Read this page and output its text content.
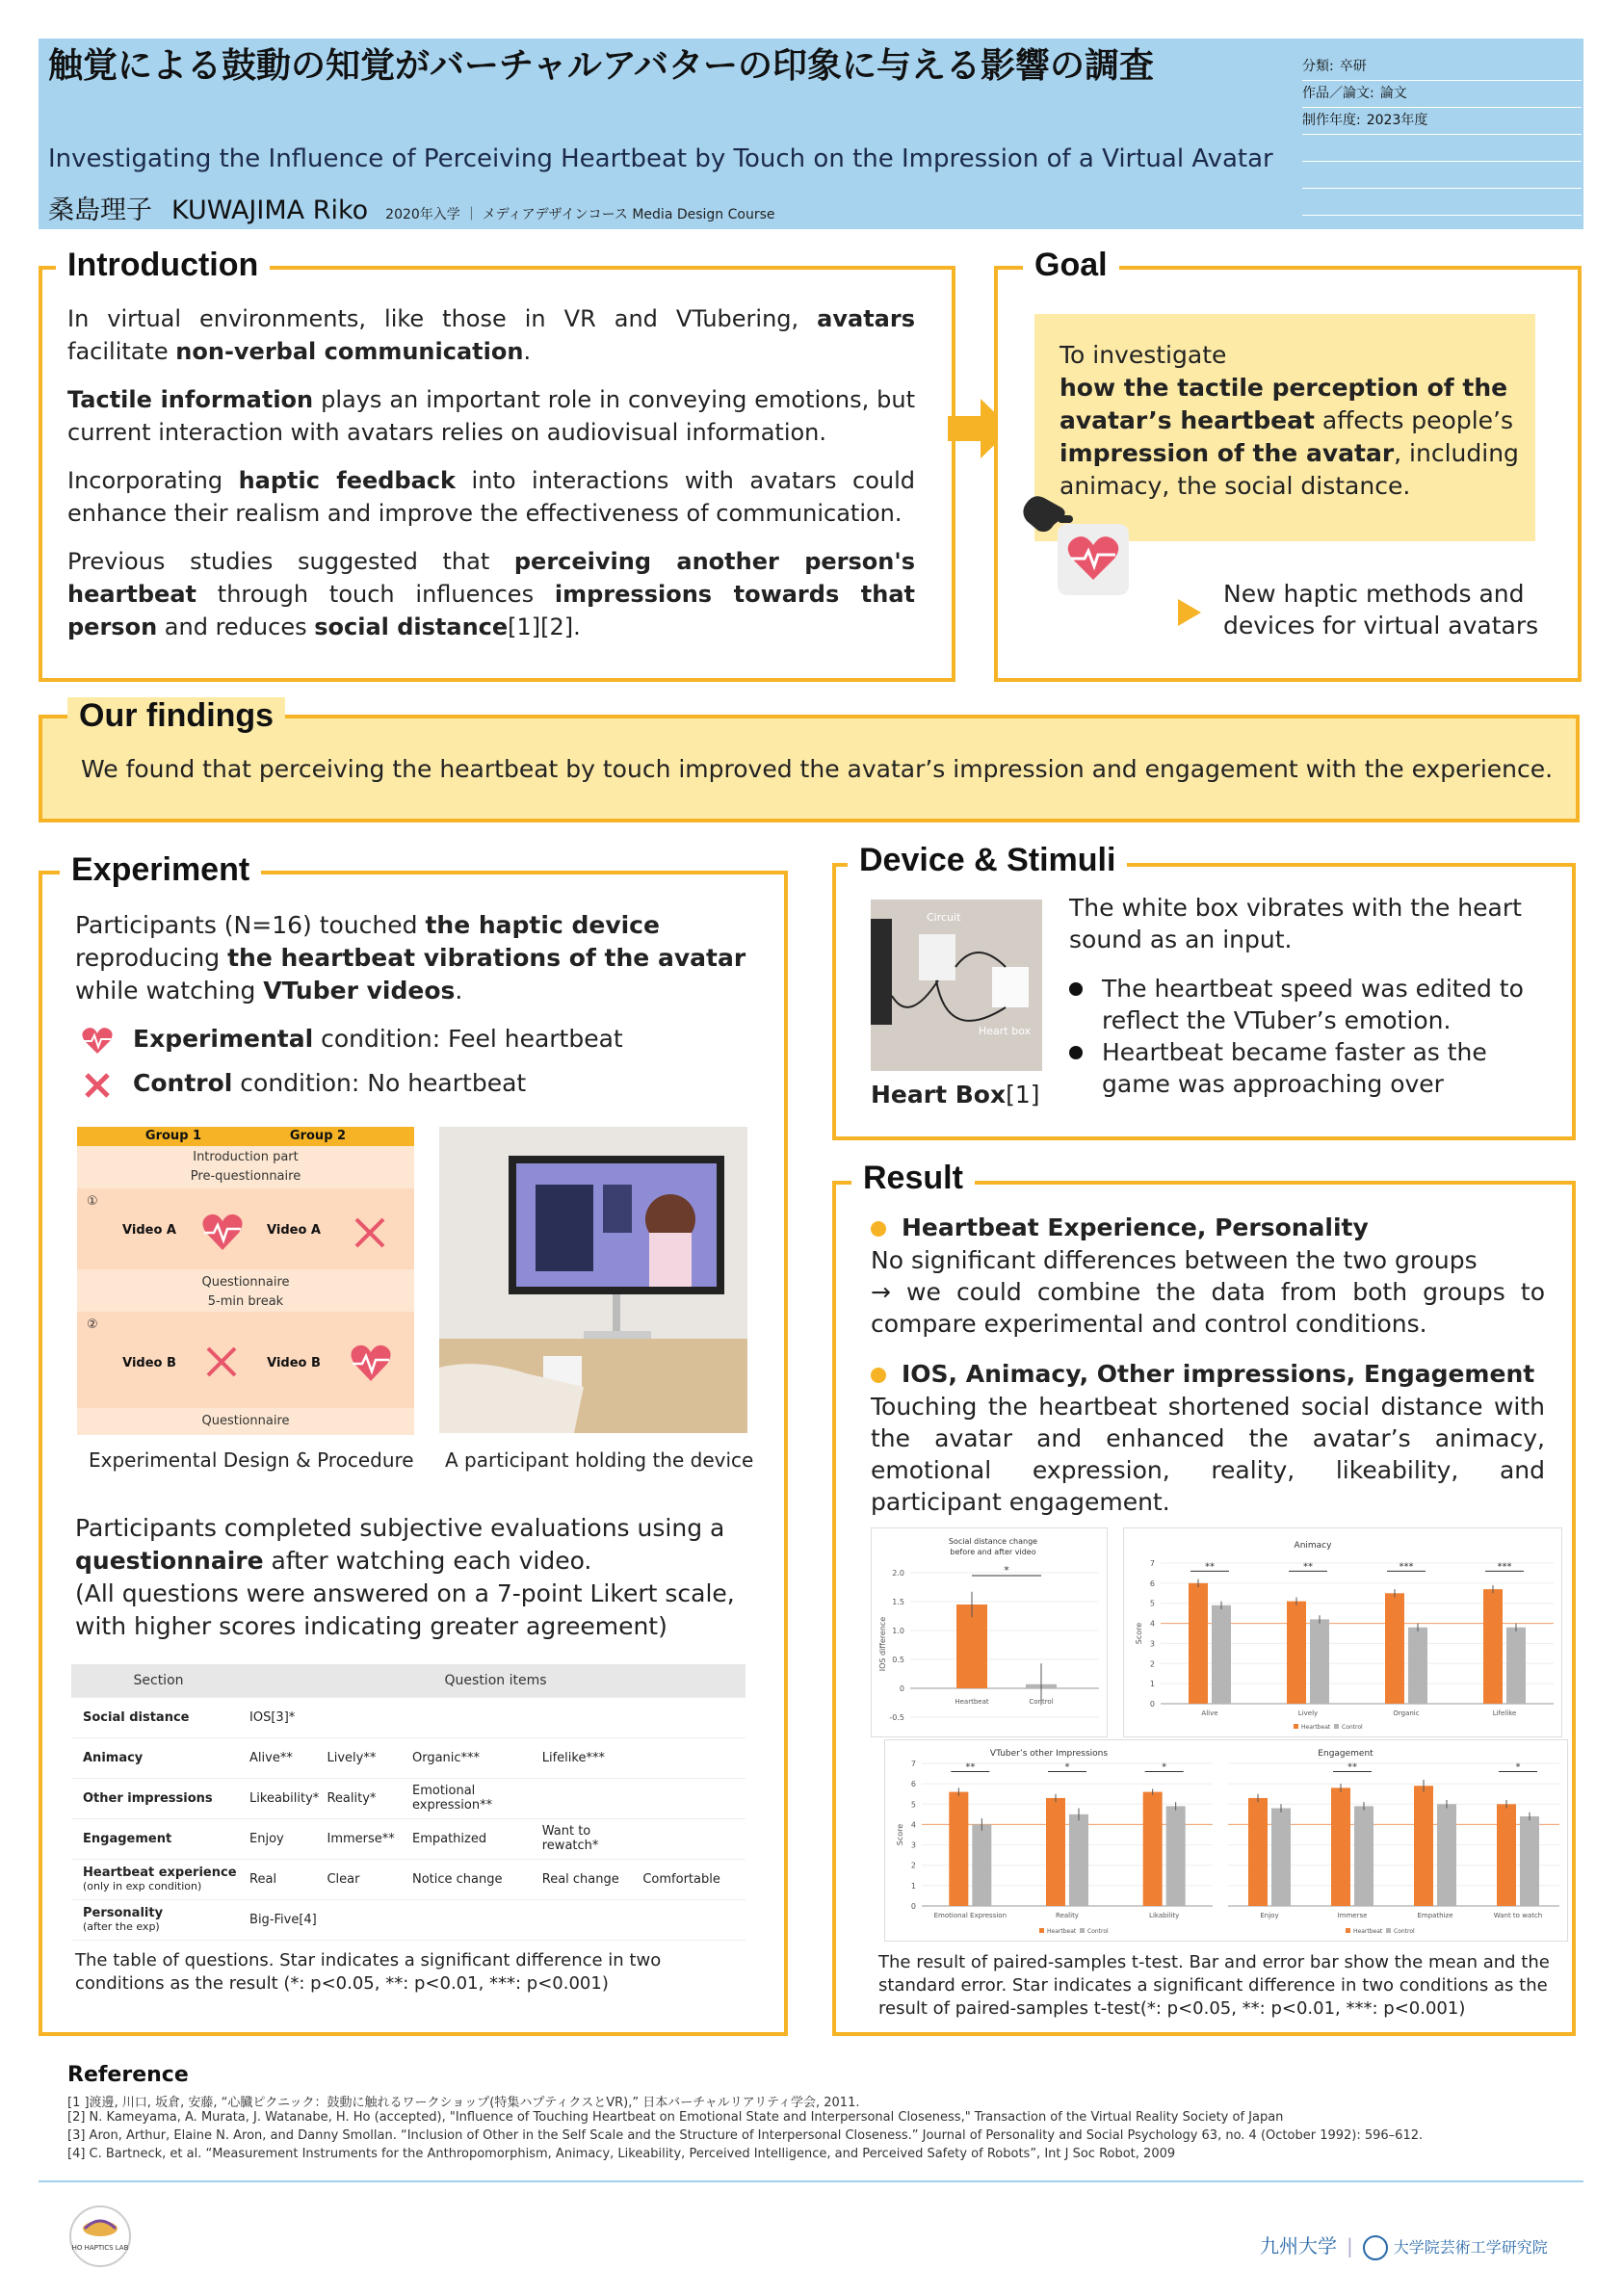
触覚による鼓動の知覚がバーチャルアバターの印象に与える影響の調査
Investigating the Influence of Perceiving Heartbeat by Touch on the Impression of a Virtual Avatar
桑島理子 KUWAJIMA Riko 2020年入学 ｜ メディアデザインコース Media Design Course
分類: 卒研
作品／論文: 論文
制作年度: 2023年度
Introduction

In virtual environments, like those in VR and VTubering, avatars facilitate non-verbal communication.

Tactile information plays an important role in conveying emotions, but current interaction with avatars relies on audiovisual information.

Incorporating haptic feedback into interactions with avatars could enhance their realism and improve the effectiveness of communication.

Previous studies suggested that perceiving another person's heartbeat through touch influences impressions towards that person and reduces social distance[1][2].

Goal
To investigate
how the tactile perception of the avatar’s heartbeat affects people’s impression of the avatar, including animacy, the social distance.
New haptic methods and devices for virtual avatars
Our findings
We found that perceiving the heartbeat by touch improved the avatar’s impression and engagement with the experience.
Experiment
Participants (N=16) touched the haptic device reproducing the heartbeat vibrations of the avatar while watching VTuber videos.
Experimental condition: Feel heartbeat
Control condition: No heartbeat
Group 1	Group 2
Introduction part
Pre-questionnaire
①
Video A	Video A
Questionnaire
5-min break
②
Video B	Video B
Questionnaire
Experimental Design & Procedure A participant holding the device
Participants completed subjective evaluations using a questionnaire after watching each video.
(All questions were answered on a 7-point Likert scale, with higher scores indicating greater agreement)
Section	Question items				
Social distance	IOS[3]*				
Animacy	Alive**	Lively**	Organic***	Lifelike***	
Other impressions	Likeability*	Reality*	Emotional expression**		
Engagement	Enjoy	Immerse**	Empathized	Want to rewatch*	
Heartbeat experience
(only in exp condition)	Real	Clear	Notice change	Real change	Comfortable
Personality
(after the exp)	Big-Five[4]				
The table of questions. Star indicates a significant difference in two conditions as the result (*: p<0.05, **: p<0.01, ***: p<0.001)
Device & Stimuli
Circuit
Heart box
Heart Box[1]
The white box vibrates with the heart sound as an input.
The heartbeat speed was edited to reflect the VTuber’s emotion.
Heartbeat became faster as the game was approaching over
Result
Heartbeat Experience, Personality
No significant differences between the two groups
→ we could combine the data from both groups to compare experimental and control conditions.
IOS, Animacy, Other impressions, Engagement
Touching the heartbeat shortened social distance with the avatar and enhanced the avatar’s animacy, emotional expression, reality, likeability, and participant engagement.
Social distance change
before and after video
2.0
1.5
1.0
0.5
0
-0.5
IOS difference
Heartbeat	Control
*
Animacy
7
6
5
4
3
2
1
0
Score
Alive
**
Lively
**
Organic
***
Lifelike
***
Heartbeat Control
VTuber’s other Impressions
7
6
5
4
3
2
1
0
Score
Emotional Expression
**
Reality
*
Likability
*
Heartbeat Control
Engagement
Enjoy	Immerse
**
Empathize	Want to watch
*
Heartbeat Control
The result of paired-samples t-test. Bar and error bar show the mean and the standard error. Star indicates a significant difference in two conditions as the result of paired-samples t-test(*: p<0.05, **: p<0.01, ***: p<0.001)
Reference
[1 ]渡邊, 川口, 坂倉, 安藤, “心臓ピクニック：鼓動に触れるワークショップ(特集ハプティクスとVR),” 日本バーチャルリアリティ学会, 2011.
[2] N. Kameyama, A. Murata, J. Watanabe, H. Ho (accepted), "Influence of Touching Heartbeat on Emotional State and Interpersonal Closeness," Transaction of the Virtual Reality Society of Japan
[3] Aron, Arthur, Elaine N. Aron, and Danny Smollan. “Inclusion of Other in the Self Scale and the Structure of Interpersonal Closeness.” Journal of Personality and Social Psychology 63, no. 4 (October 1992): 596–612.
[4] C. Bartneck, et al. “Measurement Instruments for the Anthropomorphism, Animacy, Likeability, Perceived Intelligence, and Perceived Safety of Robots”, Int J Soc Robot, 2009
HO HAPTICS LAB	九州大学 |	大学院芸術工学研究院
